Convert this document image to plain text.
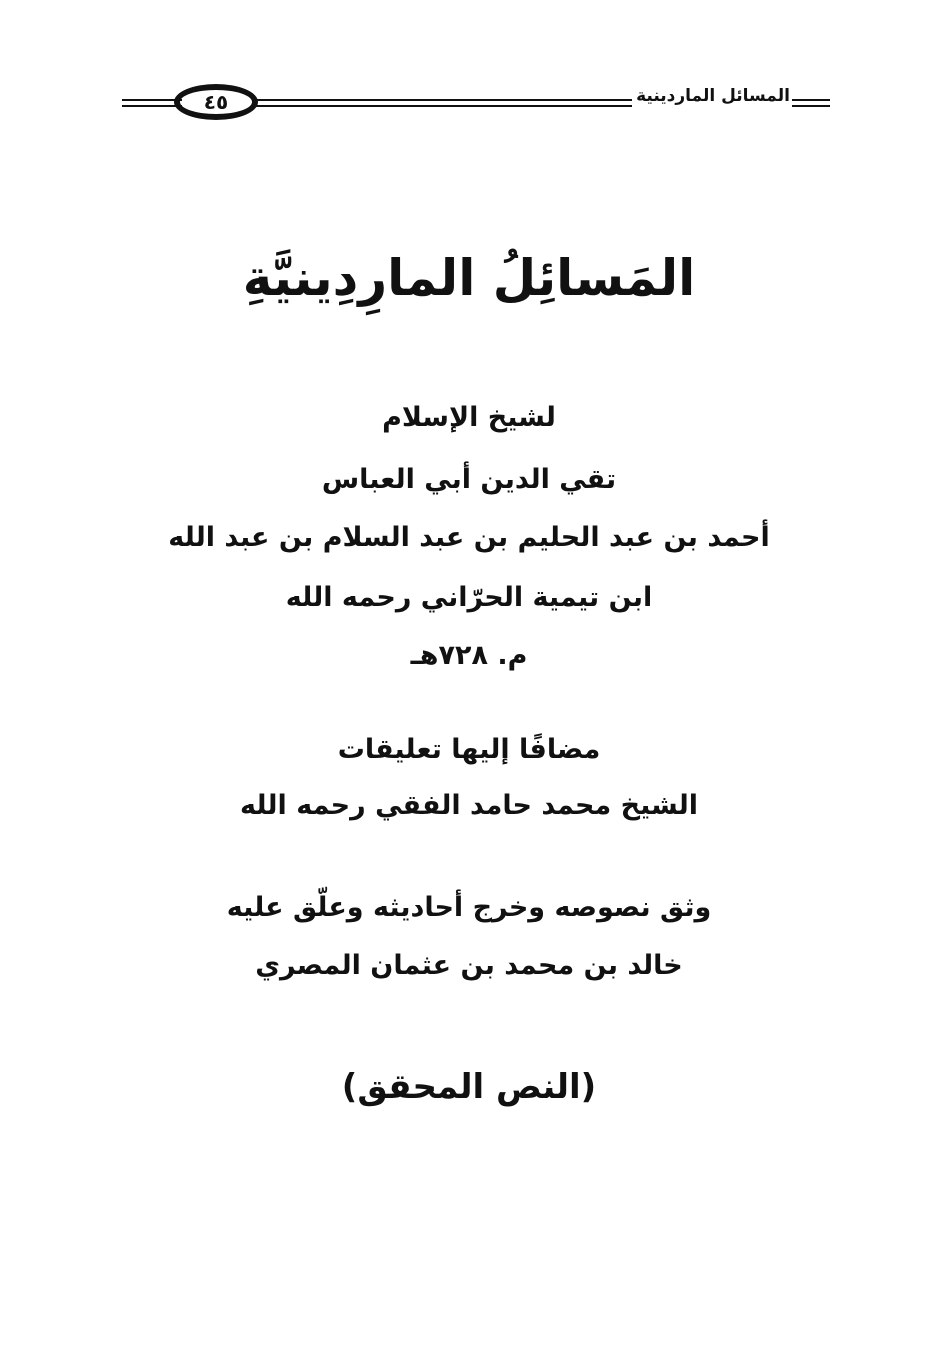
٤٥	المسائل الماردينية
المَسائِلُ المارِدِينيَّةِ
لشيخ الإسلام
تقي الدين أبي العباس
أحمد بن عبد الحليم بن عبد السلام بن عبد الله
ابن تيمية الحرّاني رحمه الله
م. ٧٢٨هـ
مضافًا إليها تعليقات
الشيخ محمد حامد الفقي رحمه الله
وثق نصوصه وخرج أحاديثه وعلّق عليه
خالد بن محمد بن عثمان المصري
(النص المحقق)
